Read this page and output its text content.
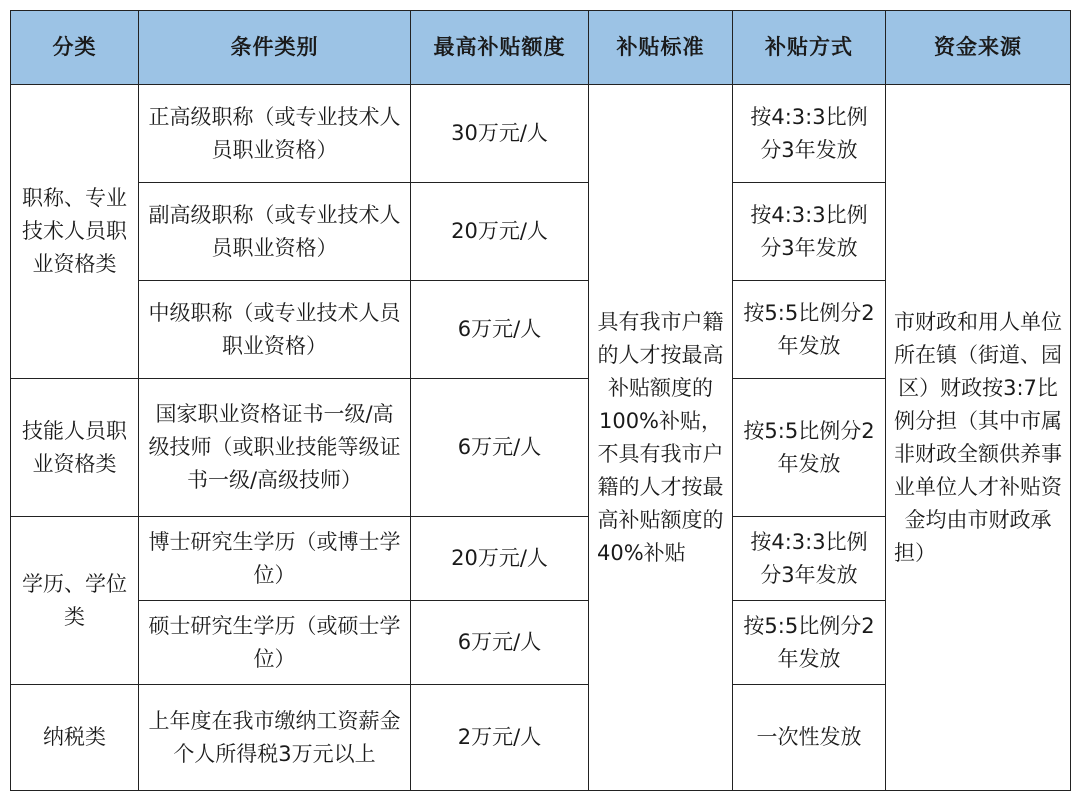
分类	条件类别	最高补贴额度	补贴标准	补贴方式	资金来源
职称、专业技术人员职业资格类	正高级职称（或专业技术人员职业资格）	30万元/人	具有我市户籍的人才按最高补贴额度的100%补贴，不具有我市户籍的人才按最高补贴额度的40%补贴	按4:3:3比例分3年发放	市财政和用人单位所在镇（街道、园区）财政按3:7比例分担（其中市属非财政全额供养事业单位人才补贴资金均由市财政承担）
	副高级职称（或专业技术人员职业资格）	20万元/人		按4:3:3比例分3年发放	
	中级职称（或专业技术人员职业资格）	6万元/人		按5:5比例分2年发放	
技能人员职业资格类	国家职业资格证书一级/高级技师（或职业技能等级证书一级/高级技师）	6万元/人		按5:5比例分2年发放	
学历、学位类	博士研究生学历（或博士学位）	20万元/人		按4:3:3比例分3年发放	
	硕士研究生学历（或硕士学位）	6万元/人		按5:5比例分2年发放	
纳税类	上年度在我市缴纳工资薪金个人所得税3万元以上	2万元/人		一次性发放	
